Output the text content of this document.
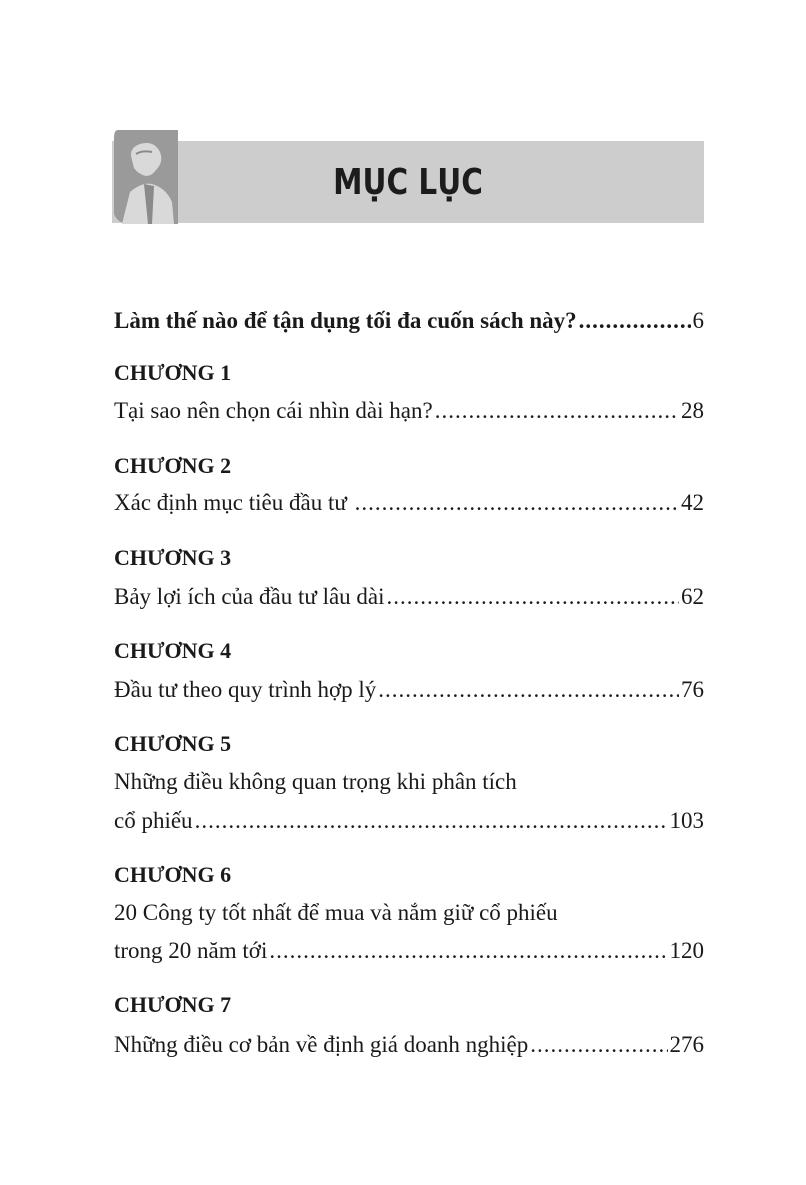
MỤC LỤC
Làm thế nào để tận dụng tối đa cuốn sách này? .....	6
CHƯƠNG 1
Tại sao nên chọn cái nhìn dài hạn? .....	28
CHƯƠNG 2
Xác định mục tiêu đầu tư .....	42
CHƯƠNG 3
Bảy lợi ích của đầu tư lâu dài .....	62
CHƯƠNG 4
Đầu tư theo quy trình hợp lý .....	76
CHƯƠNG 5
Những điều không quan trọng khi phân tích
cổ phiếu .....	103
CHƯƠNG 6
20 Công ty tốt nhất để mua và nắm giữ cổ phiếu
trong 20 năm tới .....	120
CHƯƠNG 7
Những điều cơ bản về định giá doanh nghiệp .....	276
